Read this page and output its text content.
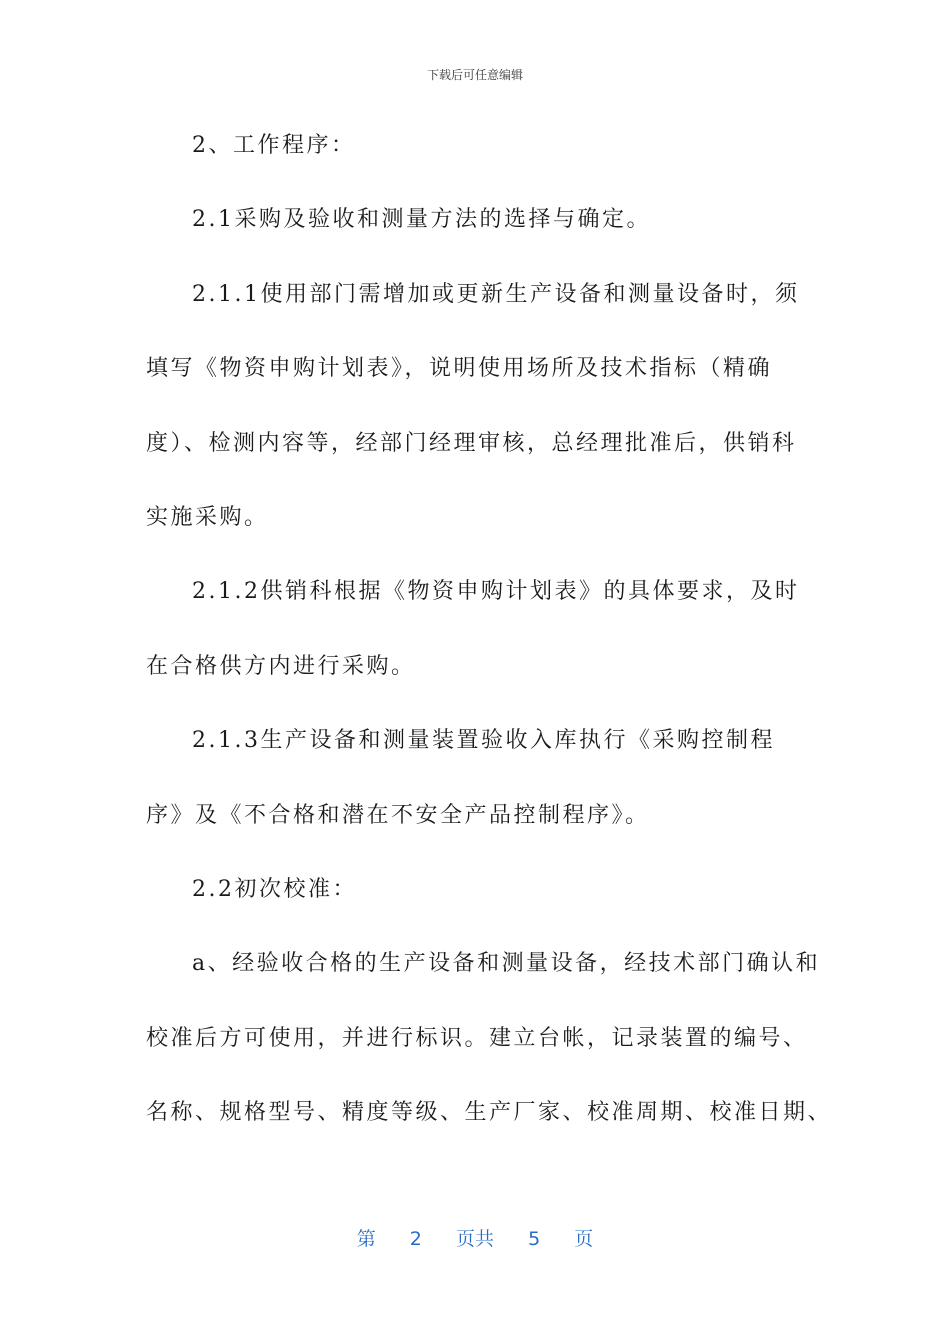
下载后可任意编辑
2、工作程序：
2.1采购及验收和测量方法的选择与确定。
2.1.1使用部门需增加或更新生产设备和测量设备时，须
填写《物资申购计划表》，说明使用场所及技术指标（精确
度）、检测内容等，经部门经理审核，总经理批准后，供销科
实施采购。
2.1.2供销科根据《物资申购计划表》的具体要求，及时
在合格供方内进行采购。
2.1.3生产设备和测量装置验收入库执行《采购控制程
序》及《不合格和潜在不安全产品控制程序》。
2.2初次校准：
a、经验收合格的生产设备和测量设备，经技术部门确认和
校准后方可使用，并进行标识。建立台帐，记录装置的编号、
名称、规格型号、精度等级、生产厂家、校准周期、校准日期、
第 2 页共 5 页
